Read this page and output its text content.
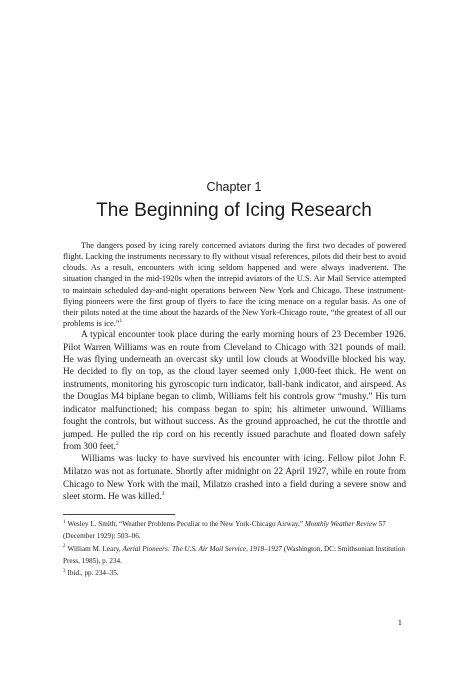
Chapter 1
The Beginning of Icing Research

The dangers posed by icing rarely concerned aviators during the first two decades of powered flight. Lacking the instruments necessary to fly without visual references, pilots did their best to avoid clouds. As a result, encounters with icing seldom happened and were always inadvertent. The situation changed in the mid-1920s when the intrepid aviators of the U.S. Air Mail Service attempted to maintain scheduled day-and-night operations between New York and Chicago. These instrument-flying pioneers were the first group of flyers to face the icing menace on a regular basis. As one of their pilots noted at the time about the hazards of the New York-Chicago route, “the greatest of all our problems is ice.”$^1$

A typical encounter took place during the early morning hours of 23 December 1926. Pilot Warren Williams was en route from Cleveland to Chicago with 321 pounds of mail. He was flying underneath an overcast sky until low clouds at Woodville blocked his way. He decided to fly on top, as the cloud layer seemed only 1,000-feet thick. He went on instruments, monitoring his gyroscopic turn indicator, ball-bank indicator, and airspeed. As the Douglas M4 biplane began to climb, Williams felt his controls grow “mushy.” His turn indicator malfunctioned; his compass began to spin; his altimeter unwound. Williams fought the controls, but without success. As the ground approached, he cut the throttle and jumped. He pulled the rip cord on his recently issued parachute and floated down safely from 300 feet.$^2$

Williams was lucky to have survived his encounter with icing. Fellow pilot John F. Milatzo was not as fortunate. Shortly after midnight on 22 April 1927, while en route from Chicago to New York with the mail, Milatzo crashed into a field during a severe snow and sleet storm. He was killed.$^3$

$^1$ Wesley L. Smith, “Weather Problems Peculiar to the New York-Chicago Airway,” Monthly Weather Review 57 (December 1929): 503–06.

$^2$ William M. Leary, Aerial Pioneers: The U.S. Air Mail Service, 1918–1927 (Washington, DC: Smithsonian Institution Press, 1985), p. 234.

$^3$ Ibid., pp. 234–35.

1
